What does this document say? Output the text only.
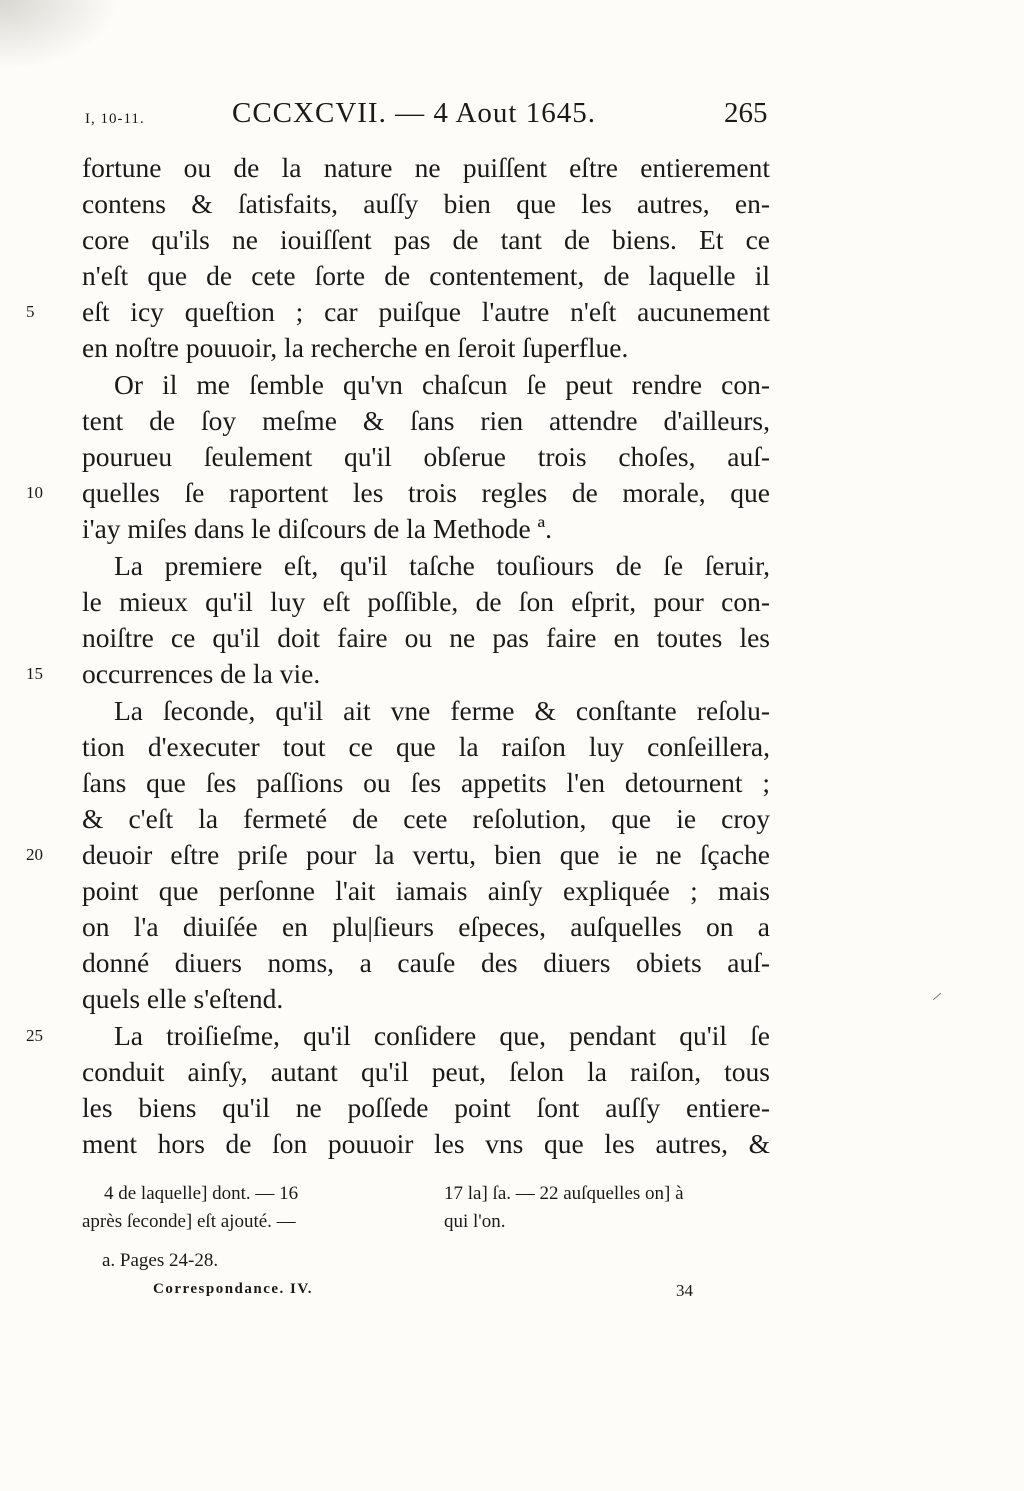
I, 10-11.	CCCXCVII. — 4 Aout 1645.	265
fortune ou de la nature ne puiſſent eſtre entierement
contens & ſatisfaits, auſſy bien que les autres, en-
core qu'ils ne iouiſſent pas de tant de biens. Et ce
n'eſt que de cete ſorte de contentement, de laquelle il
eſt icy queſtion ; car puiſque l'autre n'eſt aucunement
5
en noſtre pouuoir, la recherche en ſeroit ſuperflue.
Or il me ſemble qu'vn chaſcun ſe peut rendre con-
tent de ſoy meſme & ſans rien attendre d'ailleurs,
pourueu ſeulement qu'il obſerue trois choſes, auſ-
quelles ſe raportent les trois regles de morale, que
10
i'ay miſes dans le diſcours de la Methode ª.
La premiere eſt, qu'il taſche touſiours de ſe ſeruir,
le mieux qu'il luy eſt poſſible, de ſon eſprit, pour con-
noiſtre ce qu'il doit faire ou ne pas faire en toutes les
occurrences de la vie.
15
La ſeconde, qu'il ait vne ferme & conſtante reſolu-
tion d'executer tout ce que la raiſon luy conſeillera,
ſans que ſes paſſions ou ſes appetits l'en detournent ;
& c'eſt la fermeté de cete reſolution, que ie croy
deuoir eſtre priſe pour la vertu, bien que ie ne ſçache
20
point que perſonne l'ait iamais ainſy expliquée ; mais
on l'a diuiſée en plu|ſieurs eſpeces, auſquelles on a
donné diuers noms, a cauſe des diuers obiets auſ-
quels elle s'eſtend.
La troiſieſme, qu'il conſidere que, pendant qu'il ſe
25
conduit ainſy, autant qu'il peut, ſelon la raiſon, tous
les biens qu'il ne poſſede point ſont auſſy entiere-
ment hors de ſon pouuoir les vns que les autres, &
4 de laquelle] dont. — 16
après ſeconde] eſt ajouté. —
17 la] ſa. — 22 auſquelles on] à
qui l'on.
a. Pages 24-28.
Correspondance. IV.	34
